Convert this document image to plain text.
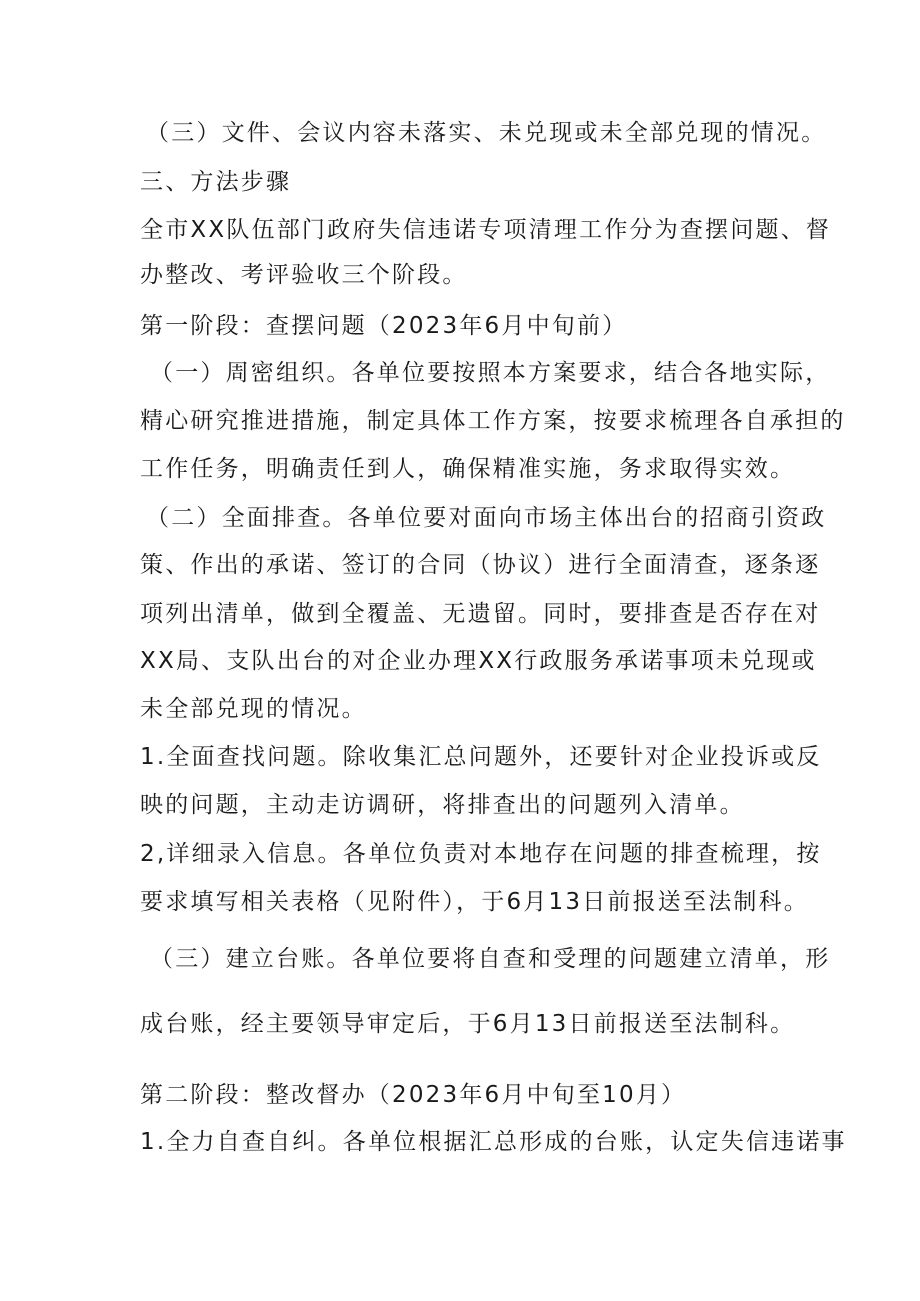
（三）文件、会议内容未落实、未兑现或未全部兑现的情况。
三、方法步骤
全市XX队伍部门政府失信违诺专项清理工作分为查摆问题、督
办整改、考评验收三个阶段。
第一阶段：查摆问题（2023年6月中旬前）
（一）周密组织。各单位要按照本方案要求，结合各地实际，
精心研究推进措施，制定具体工作方案，按要求梳理各自承担的
工作任务，明确责任到人，确保精准实施，务求取得实效。
（二）全面排查。各单位要对面向市场主体出台的招商引资政
策、作出的承诺、签订的合同（协议）进行全面清查，逐条逐
项列出清单，做到全覆盖、无遗留。同时，要排查是否存在对
XX局、支队出台的对企业办理XX行政服务承诺事项未兑现或
未全部兑现的情况。
1.全面查找问题。除收集汇总问题外，还要针对企业投诉或反
映的问题，主动走访调研，将排查出的问题列入清单。
2,详细录入信息。各单位负责对本地存在问题的排查梳理，按
要求填写相关表格（见附件），于6月13日前报送至法制科。
（三）建立台账。各单位要将自查和受理的问题建立清单，形
成台账，经主要领导审定后，于6月13日前报送至法制科。
第二阶段：整改督办（2023年6月中旬至10月）
1.全力自查自纠。各单位根据汇总形成的台账，认定失信违诺事
